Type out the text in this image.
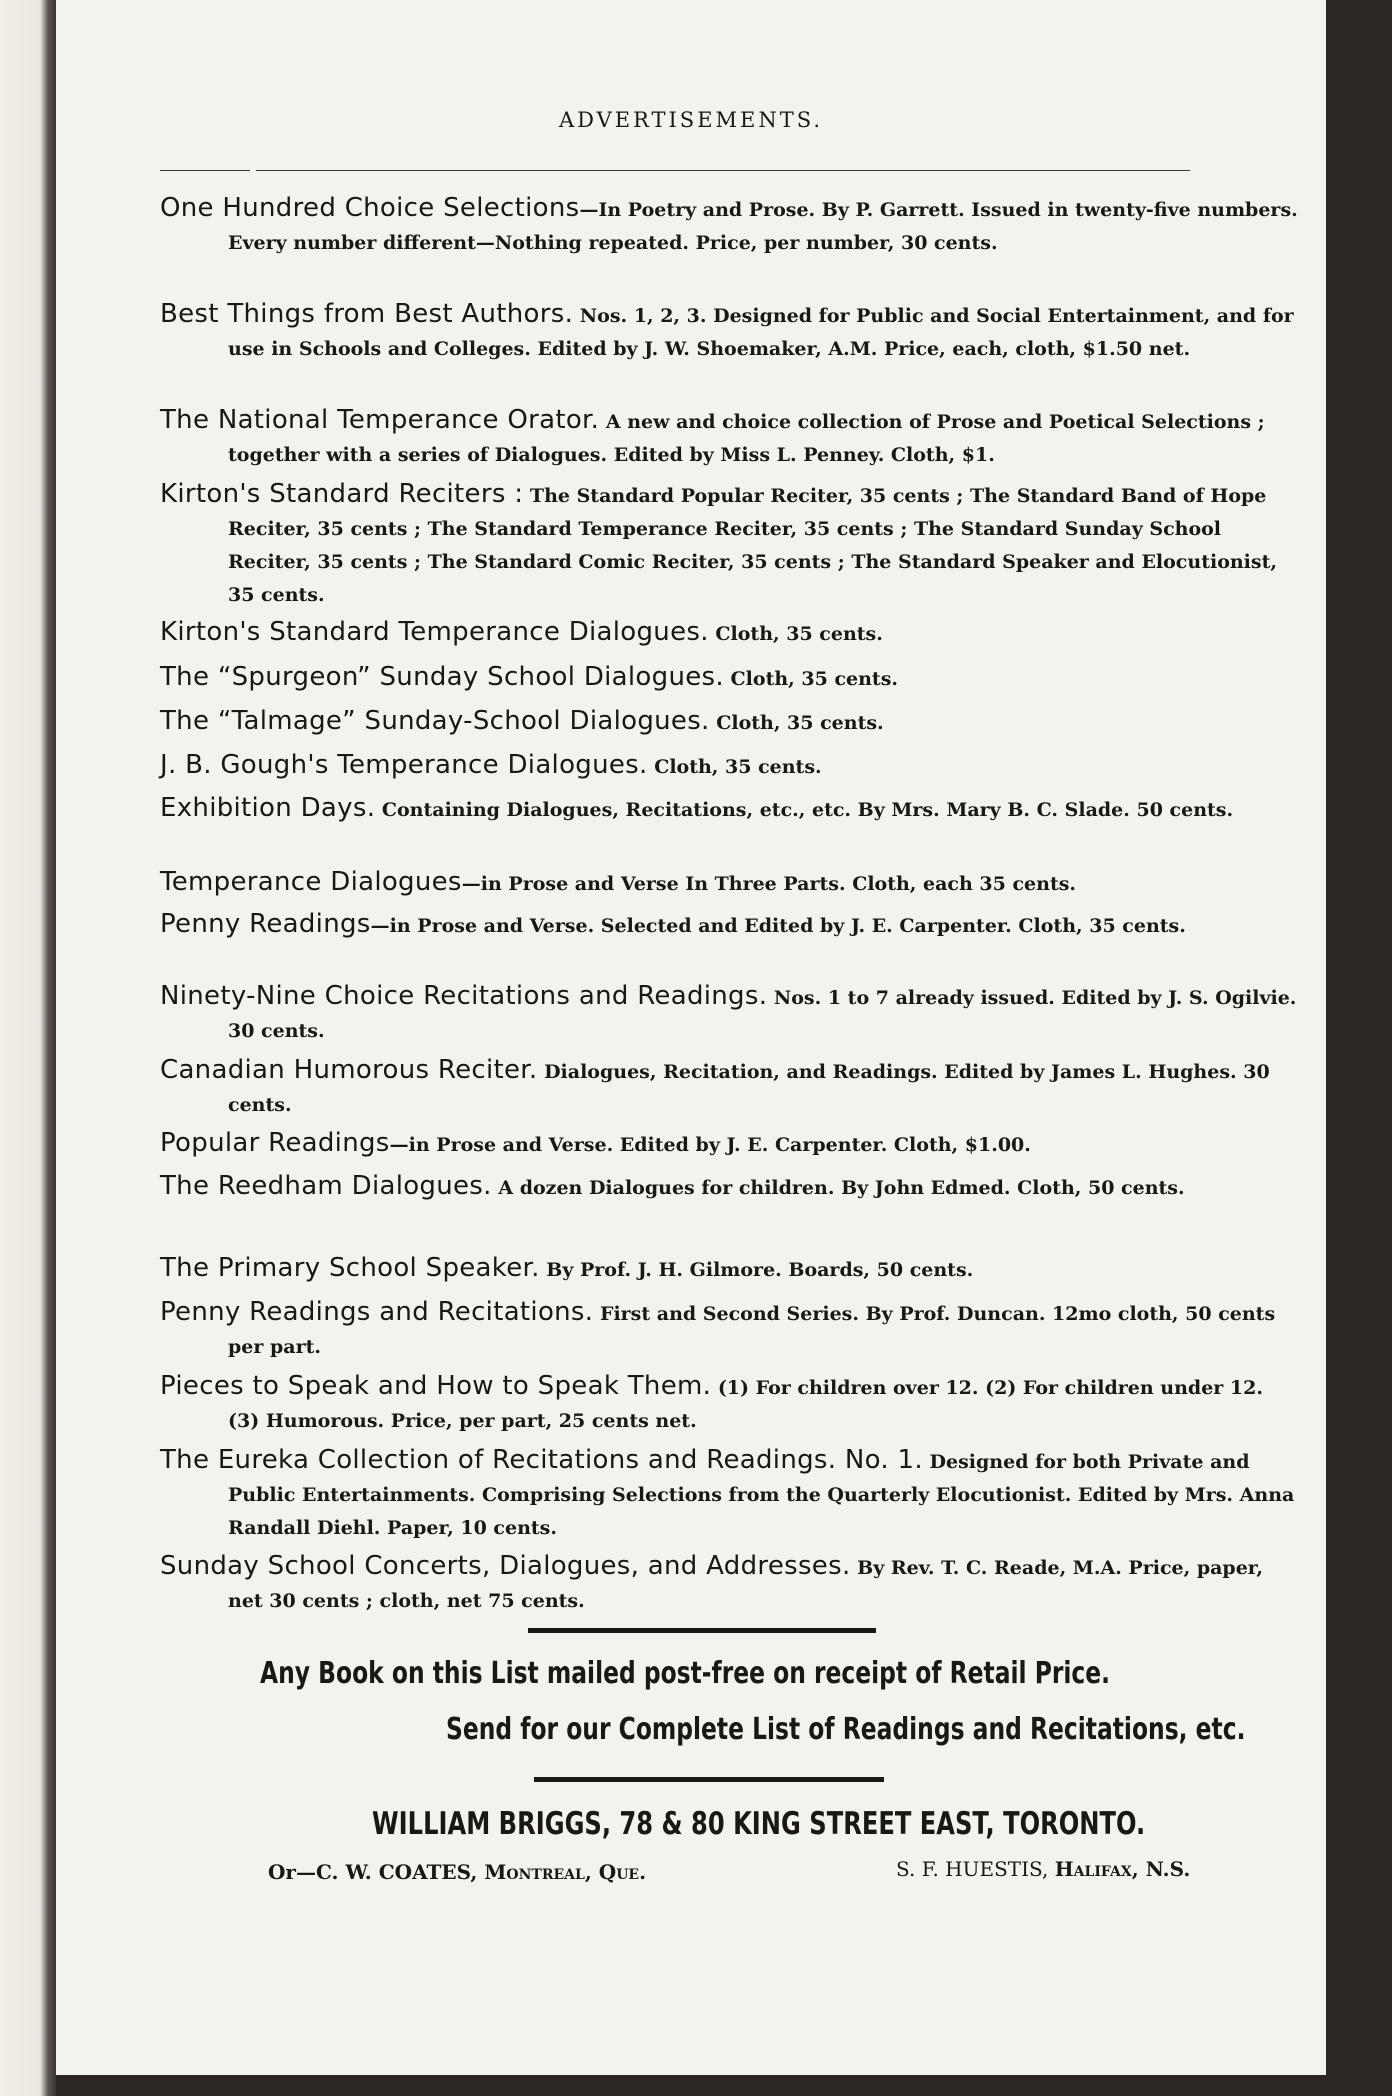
ADVERTISEMENTS.
One Hundred Choice Selections—In Poetry and Prose. By P. Garrett. Issued in twenty-five numbers. Every number different—Nothing repeated. Price, per number, 30 cents.
Best Things from Best Authors. Nos. 1, 2, 3. Designed for Public and Social Entertainment, and for use in Schools and Colleges. Edited by J. W. Shoemaker, A.M. Price, each, cloth, $1.50 net.
The National Temperance Orator. A new and choice collection of Prose and Poetical Selections ; together with a series of Dialogues. Edited by Miss L. Penney. Cloth, $1.
Kirton's Standard Reciters : The Standard Popular Reciter, 35 cents ; The Standard Band of Hope Reciter, 35 cents ; The Standard Temperance Reciter, 35 cents ; The Standard Sunday School Reciter, 35 cents ; The Standard Comic Reciter, 35 cents ; The Standard Speaker and Elocutionist, 35 cents.
Kirton's Standard Temperance Dialogues. Cloth, 35 cents.
The “Spurgeon” Sunday School Dialogues. Cloth, 35 cents.
The “Talmage” Sunday-School Dialogues. Cloth, 35 cents.
J. B. Gough's Temperance Dialogues. Cloth, 35 cents.
Exhibition Days. Containing Dialogues, Recitations, etc., etc. By Mrs. Mary B. C. Slade. 50 cents.
Temperance Dialogues—in Prose and Verse In Three Parts. Cloth, each 35 cents.
Penny Readings—in Prose and Verse. Selected and Edited by J. E. Carpenter. Cloth, 35 cents.
Ninety-Nine Choice Recitations and Readings. Nos. 1 to 7 already issued. Edited by J. S. Ogilvie. 30 cents.
Canadian Humorous Reciter. Dialogues, Recitation, and Readings. Edited by James L. Hughes. 30 cents.
Popular Readings—in Prose and Verse. Edited by J. E. Carpenter. Cloth, $1.00.
The Reedham Dialogues. A dozen Dialogues for children. By John Edmed. Cloth, 50 cents.
The Primary School Speaker. By Prof. J. H. Gilmore. Boards, 50 cents.
Penny Readings and Recitations. First and Second Series. By Prof. Duncan. 12mo cloth, 50 cents per part.
Pieces to Speak and How to Speak Them. (1) For children over 12. (2) For children under 12. (3) Humorous. Price, per part, 25 cents net.
The Eureka Collection of Recitations and Readings. No. 1. Designed for both Private and Public Entertainments. Comprising Selections from the Quarterly Elocutionist. Edited by Mrs. Anna Randall Diehl. Paper, 10 cents.
Sunday School Concerts, Dialogues, and Addresses. By Rev. T. C. Reade, M.A. Price, paper, net 30 cents ; cloth, net 75 cents.
Any Book on this List mailed post-free on receipt of Retail Price.
Send for our Complete List of Readings and Recitations, etc.
WILLIAM BRIGGS, 78 & 80 KING STREET EAST, TORONTO.
Or—C. W. COATES, Montreal, Que.	S. F. HUESTIS, Halifax, N.S.
